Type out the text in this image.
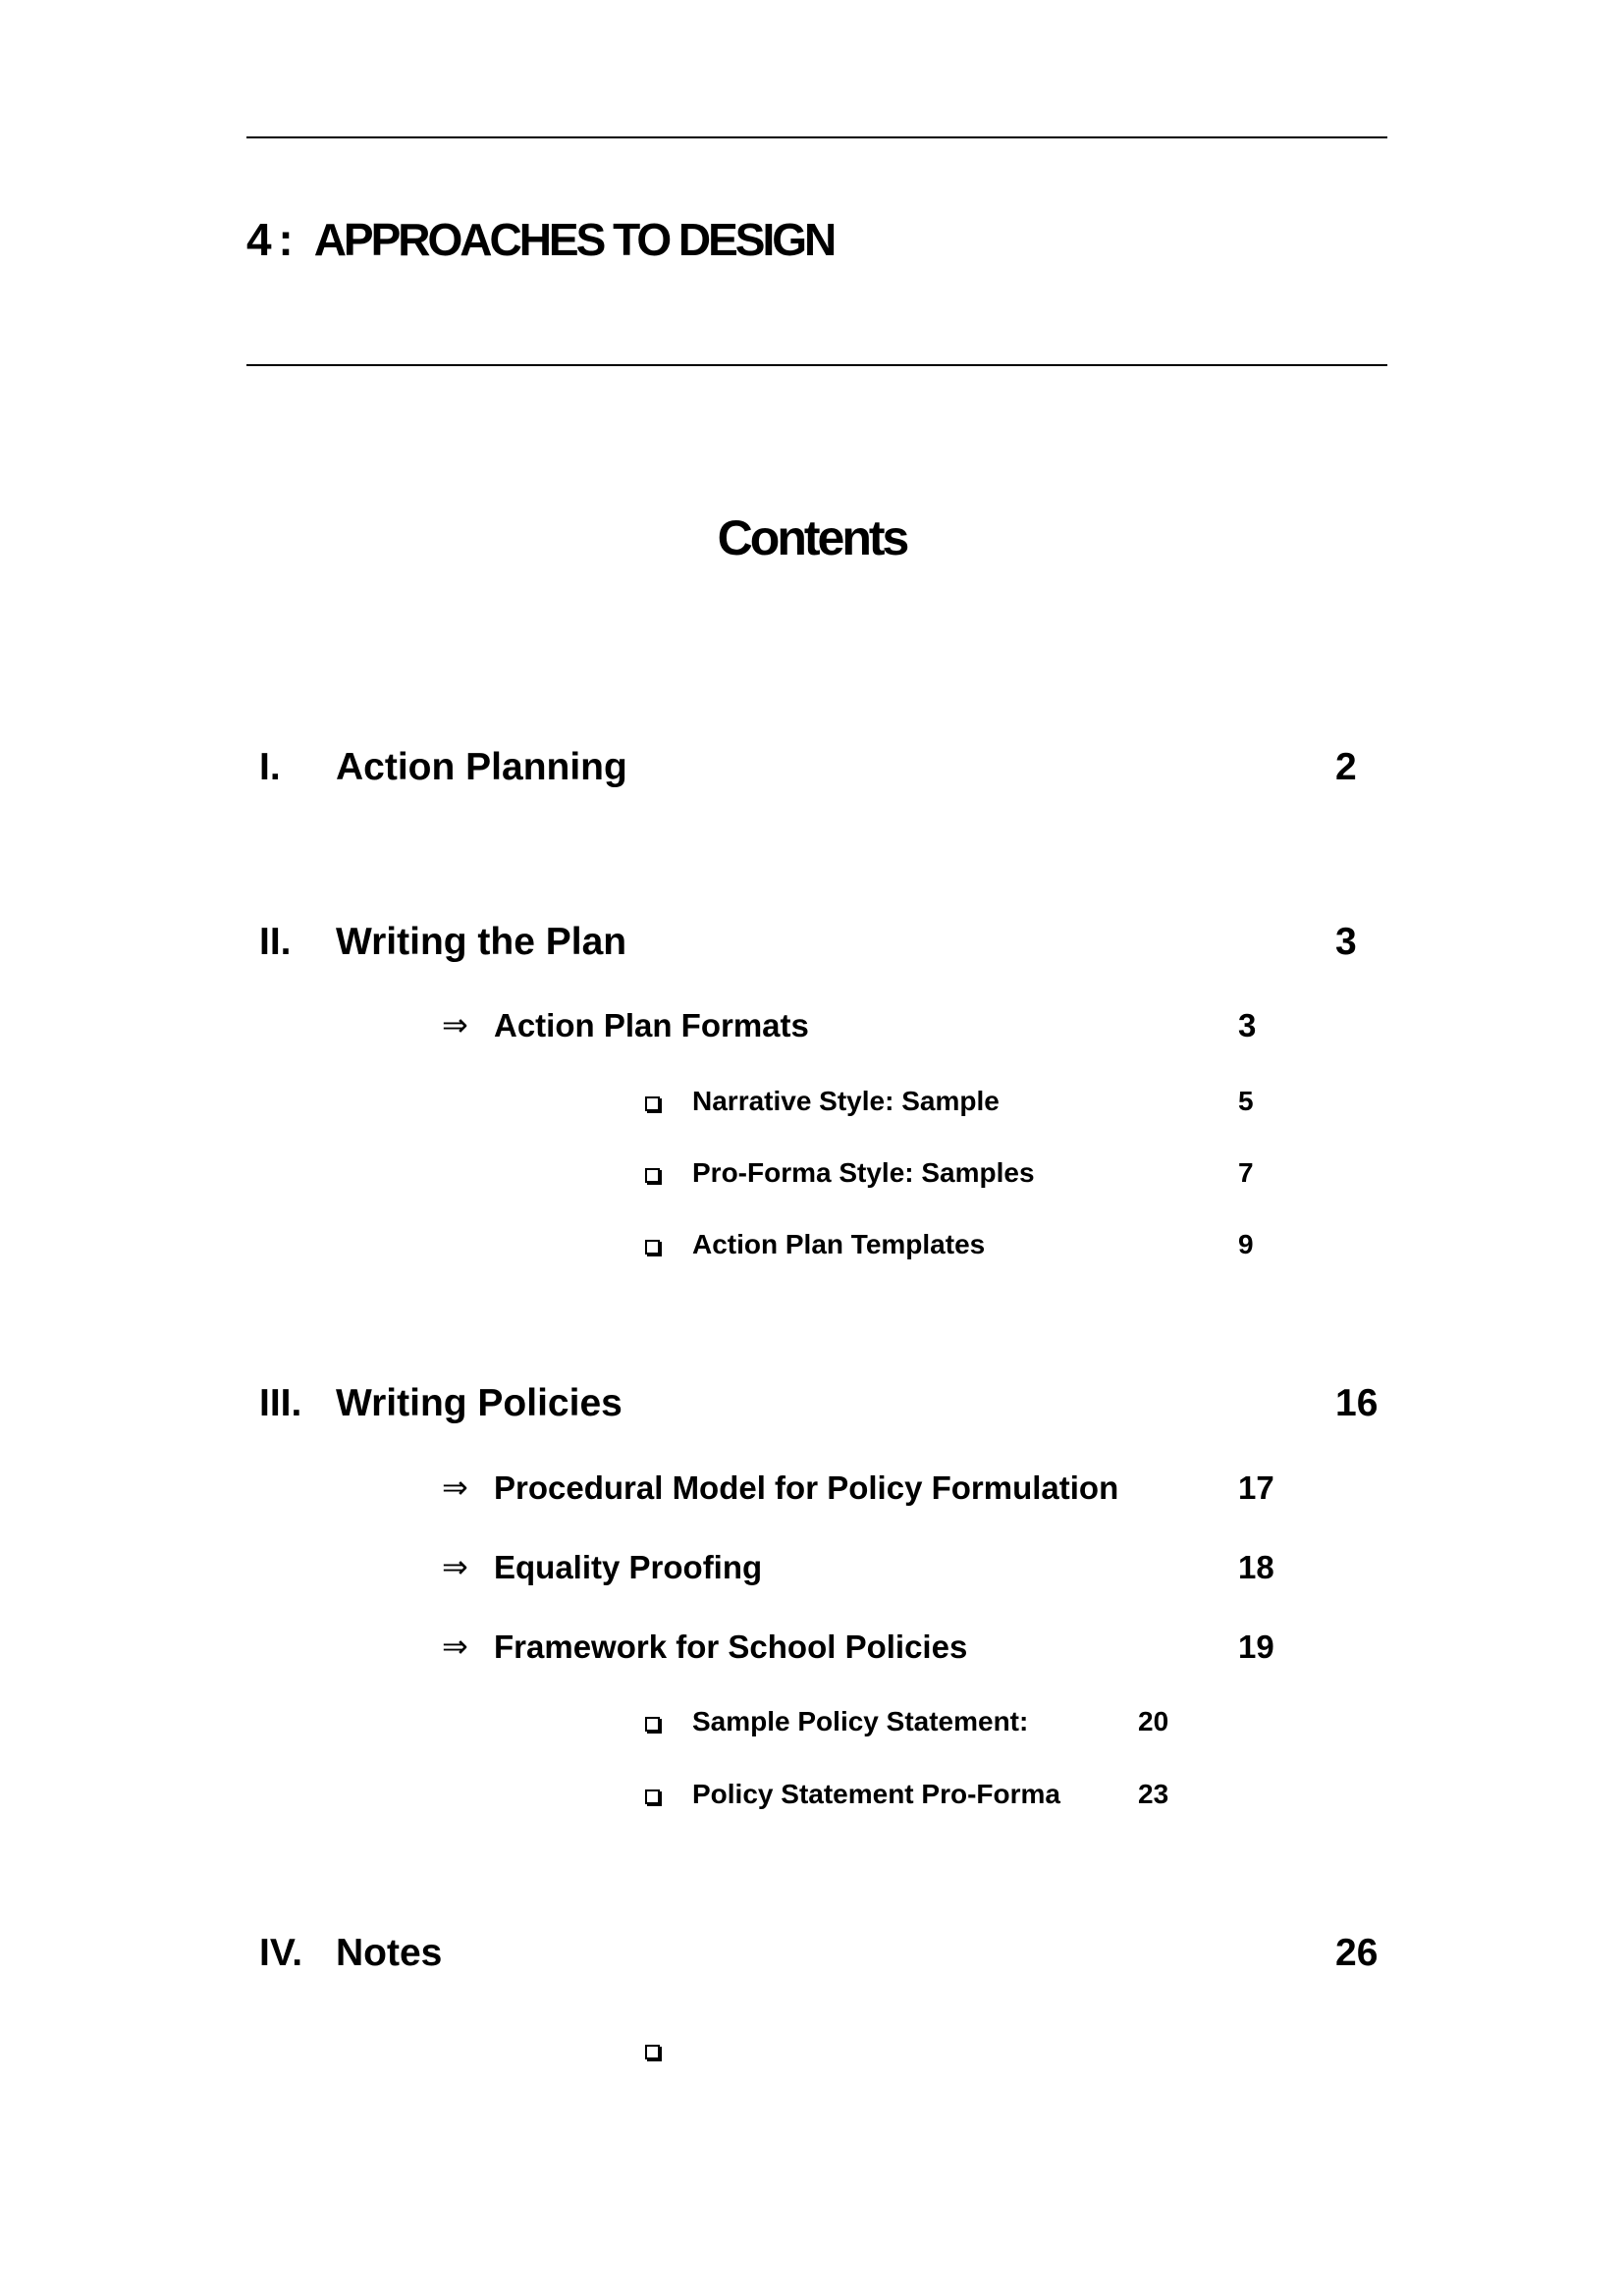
4 : APPROACHES TO DESIGN
Contents
I. Action Planning	2
II. Writing the Plan	3
⇒ Action Plan Formats	3
Narrative Style: Sample	5
Pro-Forma Style: Samples	7
Action Plan Templates	9
III. Writing Policies	16
⇒ Procedural Model for Policy Formulation	17
⇒ Equality Proofing	18
⇒ Framework for School Policies	19
Sample Policy Statement:	20
Policy Statement Pro-Forma	23
IV. Notes	26
